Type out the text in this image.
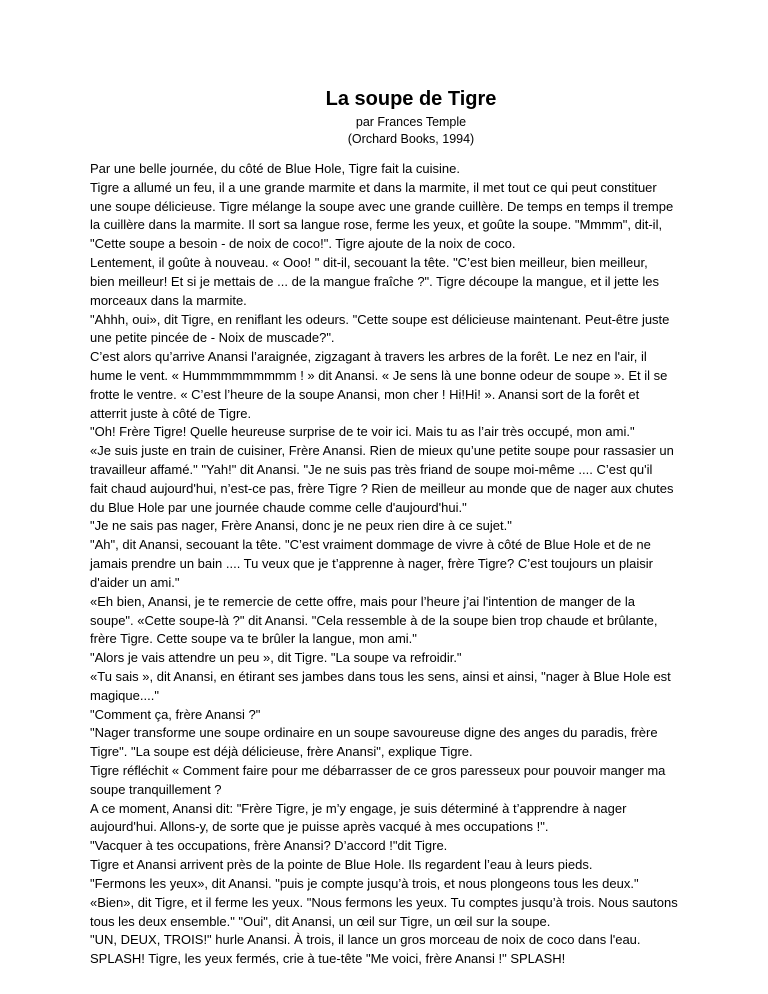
La soupe de Tigre
par Frances Temple
(Orchard Books, 1994)
Par une belle journée, du côté de Blue Hole, Tigre fait la cuisine.
Tigre a allumé un feu, il a une grande marmite et dans la marmite, il met tout ce qui peut constituer
une soupe délicieuse. Tigre mélange la soupe avec une grande cuillère. De temps en temps il trempe
la cuillère dans la marmite. Il sort sa langue rose, ferme les yeux, et goûte la soupe. "Mmmm", dit-il,
"Cette soupe a besoin - de noix de coco!". Tigre ajoute de la noix de coco.
Lentement, il goûte à nouveau. « Ooo! " dit-il, secouant la tête. "C’est bien meilleur, bien meilleur,
bien meilleur! Et si je mettais de ... de la mangue fraîche ?". Tigre découpe la mangue, et il jette les
morceaux dans la marmite.
"Ahhh, oui», dit Tigre, en reniflant les odeurs. "Cette soupe est délicieuse maintenant. Peut-être juste
une petite pincée de - Noix de muscade?".
C’est alors qu’arrive Anansi l’araignée, zigzagant à travers les arbres de la forêt. Le nez en l'air, il
hume le vent. « Hummmmmmmmm ! » dit Anansi. « Je sens là une bonne odeur de soupe ». Et il se
frotte le ventre. « C’est l’heure de la soupe Anansi, mon cher ! Hi!Hi! ». Anansi sort de la forêt et
atterrit juste à côté de Tigre.
"Oh! Frère Tigre! Quelle heureuse surprise de te voir ici. Mais tu as l’air très occupé, mon ami."
«Je suis juste en train de cuisiner, Frère Anansi. Rien de mieux qu’une petite soupe pour rassasier un
travailleur affamé." "Yah!" dit Anansi. "Je ne suis pas très friand de soupe moi-même .... C’est qu'il
fait chaud aujourd'hui, n’est-ce pas, frère Tigre ? Rien de meilleur au monde que de nager aux chutes
du Blue Hole par une journée chaude comme celle d'aujourd'hui."
"Je ne sais pas nager, Frère Anansi, donc je ne peux rien dire à ce sujet."
"Ah", dit Anansi, secouant la tête. "C’est vraiment dommage de vivre à côté de Blue Hole et de ne
jamais prendre un bain .... Tu veux que je t’apprenne à nager, frère Tigre? C’est toujours un plaisir
d'aider un ami."
«Eh bien, Anansi, je te remercie de cette offre, mais pour l’heure j’ai l'intention de manger de la
soupe". «Cette soupe-là ?" dit Anansi. "Cela ressemble à de la soupe bien trop chaude et brûlante,
frère Tigre. Cette soupe va te brûler la langue, mon ami."
"Alors je vais attendre un peu », dit Tigre. "La soupe va refroidir."
«Tu sais », dit Anansi, en étirant ses jambes dans tous les sens, ainsi et ainsi, "nager à Blue Hole est
magique...."
"Comment ça, frère Anansi ?"
"Nager transforme une soupe ordinaire en un soupe savoureuse digne des anges du paradis, frère
Tigre". "La soupe est déjà délicieuse, frère Anansi", explique Tigre.
Tigre réfléchit « Comment faire pour me débarrasser de ce gros paresseux pour pouvoir manger ma
soupe tranquillement ?
A ce moment, Anansi dit: "Frère Tigre, je m’y engage, je suis déterminé à t’apprendre à nager
aujourd'hui. Allons-y, de sorte que je puisse après vacqué à mes occupations !".
"Vacquer à tes occupations, frère Anansi? D’accord !"dit Tigre.
Tigre et Anansi arrivent près de la pointe de Blue Hole. Ils regardent l’eau à leurs pieds.
"Fermons les yeux», dit Anansi. "puis je compte jusqu’à trois, et nous plongeons tous les deux."
«Bien», dit Tigre, et il ferme les yeux. "Nous fermons les yeux. Tu comptes jusqu’à trois. Nous sautons
tous les deux ensemble." "Oui", dit Anansi, un œil sur Tigre, un œil sur la soupe.
"UN, DEUX, TROIS!" hurle Anansi. À trois, il lance un gros morceau de noix de coco dans l'eau.
SPLASH! Tigre, les yeux fermés, crie à tue-tête "Me voici, frère Anansi !" SPLASH!
